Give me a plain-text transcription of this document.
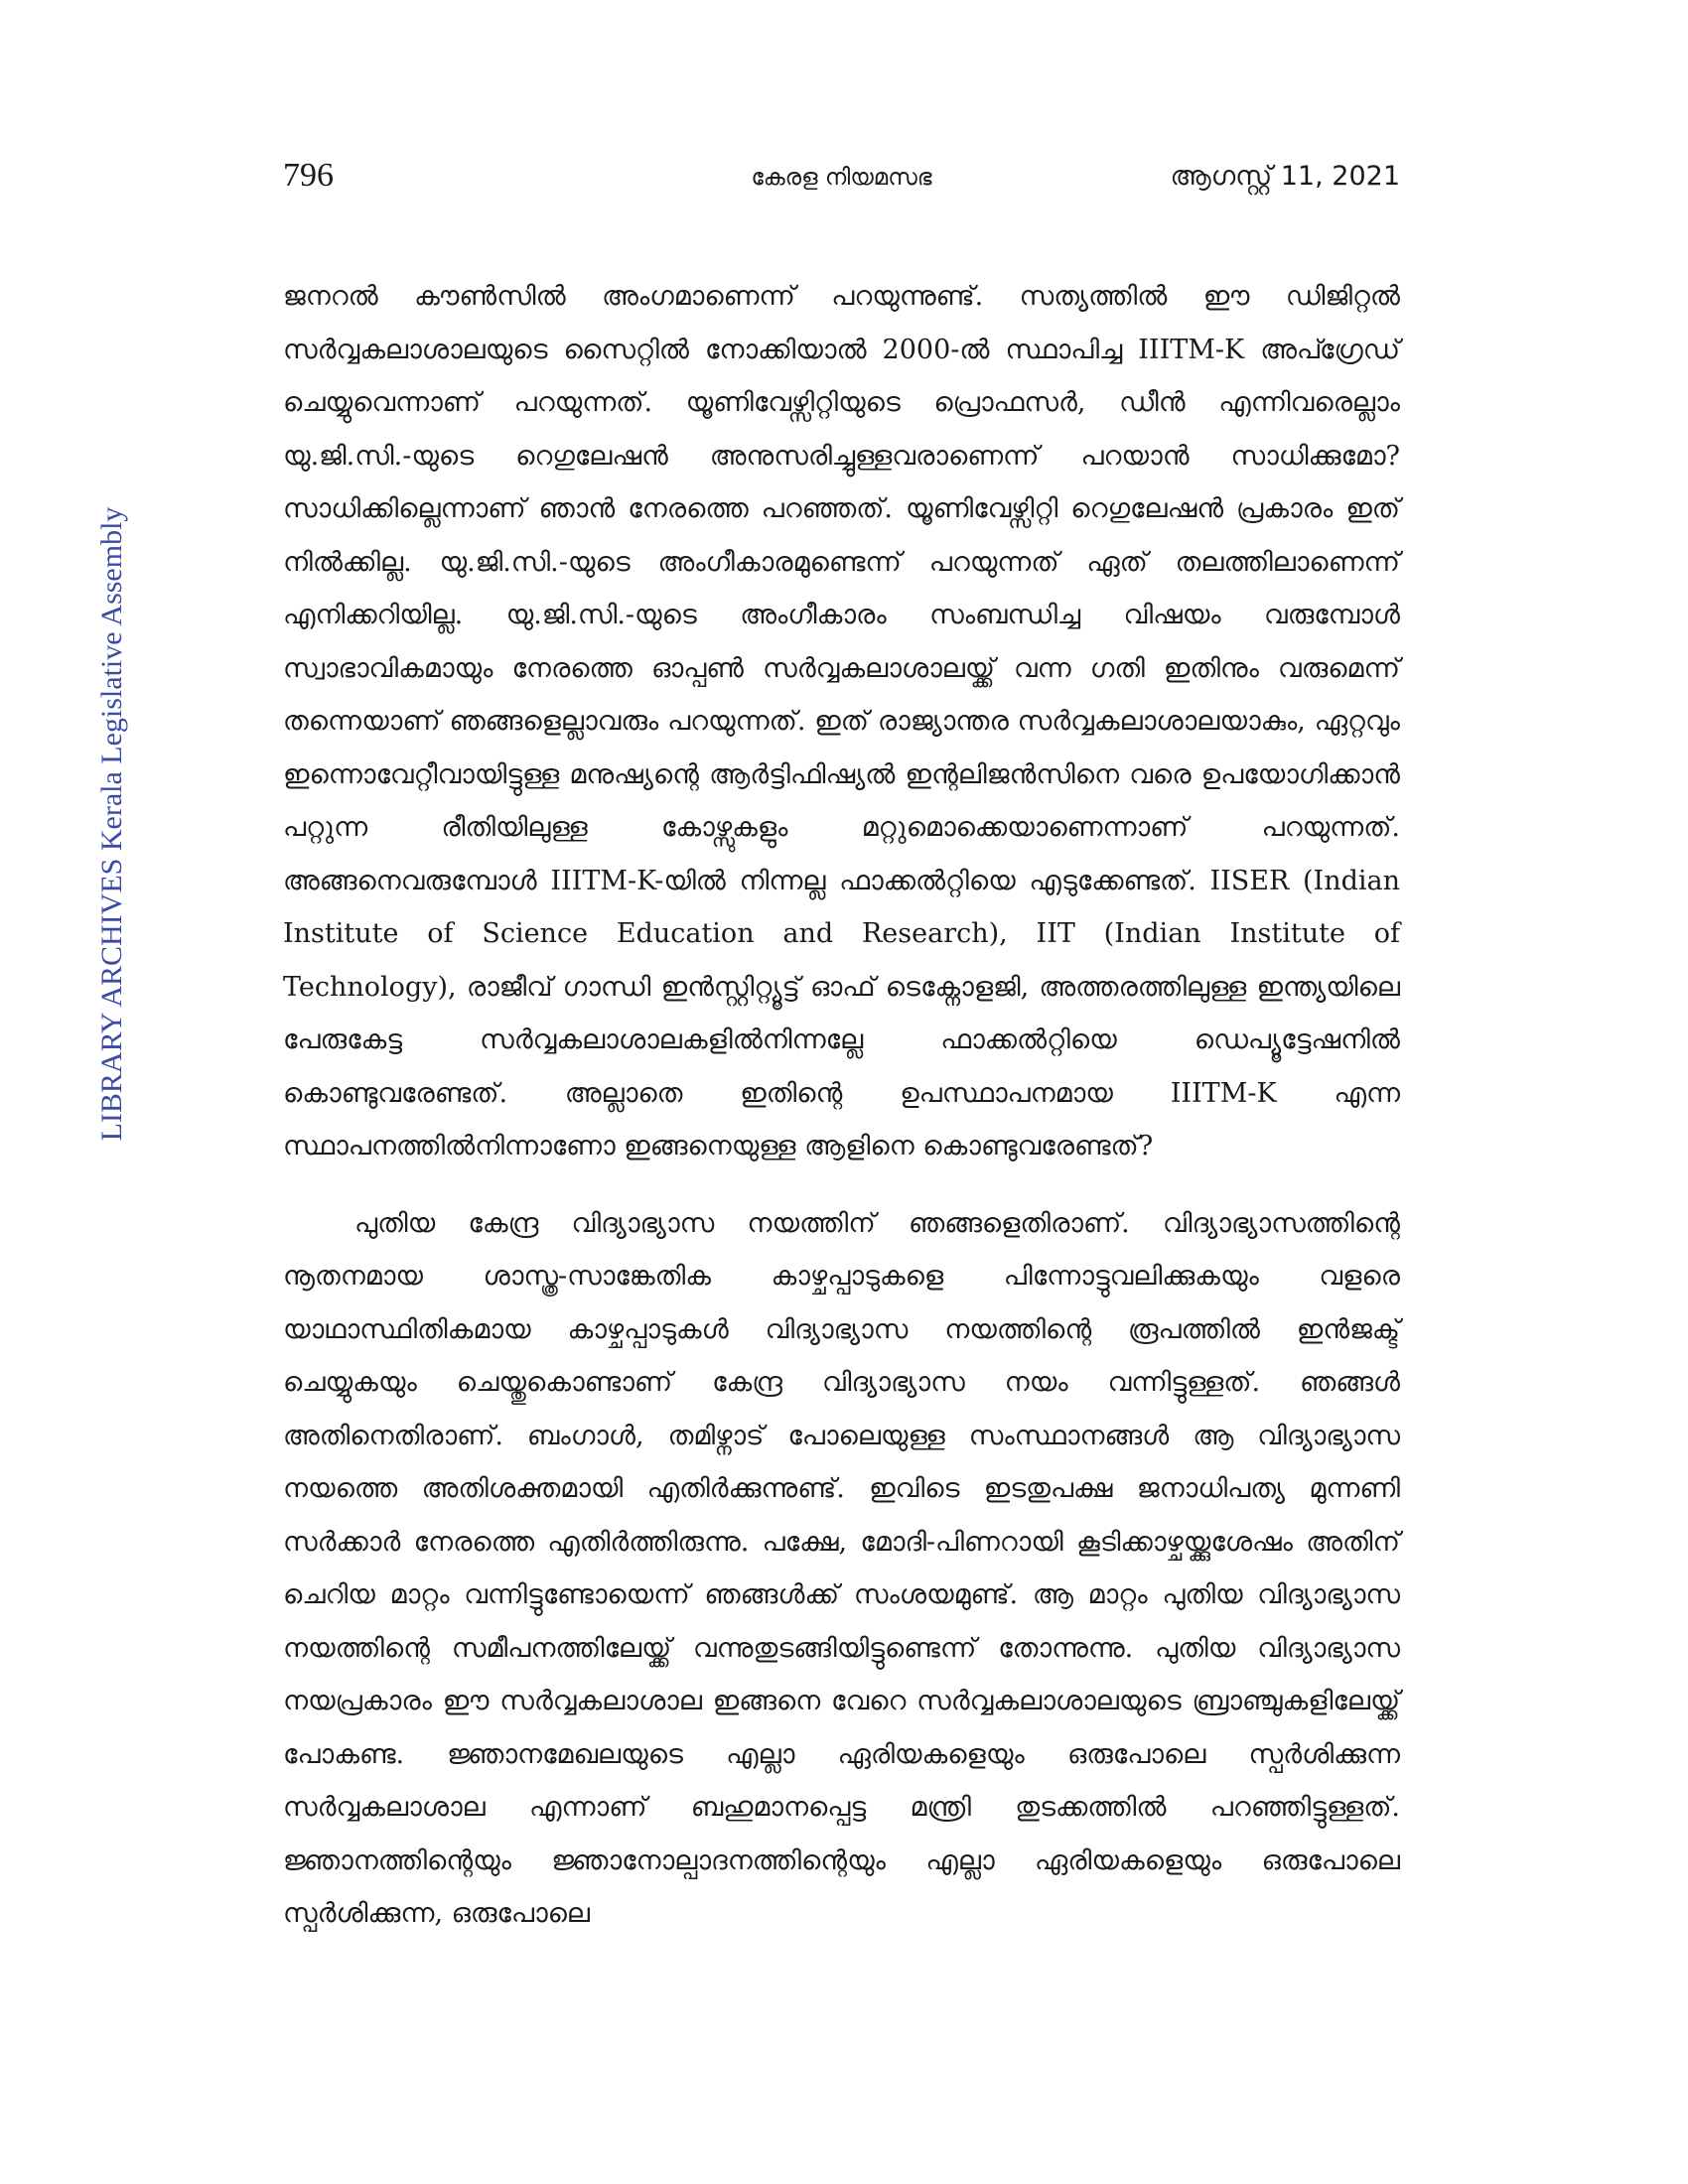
796	കേരള നിയമസഭ	ആഗസ്റ്റ് 11, 2021
LIBRARY ARCHIVES Kerala Legislative Assembly

ജനറൽ കൗൺസിൽ അംഗമാണെന്ന് പറയുന്നുണ്ട്. സത്യത്തിൽ ഈ ഡിജിറ്റൽ സർവ്വകലാശാലയുടെ സൈറ്റിൽ നോക്കിയാൽ 2000-ൽ സ്ഥാപിച്ച IIITM-K അപ്ഗ്രേഡ് ചെയ്യുവെന്നാണ് പറയുന്നത്. യൂണിവേഴ്സിറ്റിയുടെ പ്രൊഫസർ, ഡീൻ എന്നിവരെല്ലാം യു.ജി.സി.-യുടെ റെഗുലേഷൻ അനുസരിച്ചുള്ളവരാണെന്ന് പറയാൻ സാധിക്കുമോ? സാധിക്കില്ലെന്നാണ് ഞാൻ നേരത്തെ പറഞ്ഞത്. യൂണിവേഴ്സിറ്റി റെഗുലേഷൻ പ്രകാരം ഇത് നിൽക്കില്ല. യു.ജി.സി.-യുടെ അംഗീകാരമുണ്ടെന്ന് പറയുന്നത് ഏത് തലത്തിലാണെന്ന് എനിക്കറിയില്ല. യു.ജി.സി.-യുടെ അംഗീകാരം സംബന്ധിച്ച വിഷയം വരുമ്പോൾ സ്വാഭാവികമായും നേരത്തെ ഓപ്പൺ സർവ്വകലാശാലയ്ക്ക് വന്ന ഗതി ഇതിനും വരുമെന്ന് തന്നെയാണ് ഞങ്ങളെല്ലാവരും പറയുന്നത്. ഇത് രാജ്യാന്തര സർവ്വകലാശാലയാകും, ഏറ്റവും ഇന്നൊവേറ്റീവായിട്ടുള്ള മനുഷ്യന്റെ ആർട്ടിഫിഷ്യൽ ഇന്റലിജൻസിനെ വരെ ഉപയോഗിക്കാൻ പറ്റുന്ന രീതിയിലുള്ള കോഴ്സുകളും മറ്റുമൊക്കെയാണെന്നാണ് പറയുന്നത്. അങ്ങനെവരുമ്പോൾ IIITM-K-യിൽ നിന്നല്ല ഫാക്കൽറ്റിയെ എടുക്കേണ്ടത്. IISER (Indian Institute of Science Education and Research), IIT (Indian Institute of Technology), രാജീവ് ഗാന്ധി ഇൻസ്റ്റിറ്റ്യൂട്ട് ഓഫ് ടെക്നോളജി, അത്തരത്തിലുള്ള ഇന്ത്യയിലെ പേരുകേട്ട സർവ്വകലാശാലകളിൽനിന്നല്ലേ ഫാക്കൽറ്റിയെ ഡെപ്യൂട്ടേഷനിൽ കൊണ്ടുവരേണ്ടത്. അല്ലാതെ ഇതിന്റെ ഉപസ്ഥാപനമായ IIITM-K എന്ന സ്ഥാപനത്തിൽനിന്നാണോ ഇങ്ങനെയുള്ള ആളിനെ കൊണ്ടുവരേണ്ടത്?

പുതിയ കേന്ദ്ര വിദ്യാഭ്യാസ നയത്തിന് ഞങ്ങളെതിരാണ്. വിദ്യാഭ്യാസത്തിന്റെ നൂതനമായ ശാസ്ത്ര-സാങ്കേതിക കാഴ്ചപ്പാടുകളെ പിന്നോട്ടുവലിക്കുകയും വളരെ യാഥാസ്ഥിതികമായ കാഴ്ചപ്പാടുകൾ വിദ്യാഭ്യാസ നയത്തിന്റെ രൂപത്തിൽ ഇൻജക്ട് ചെയ്യുകയും ചെയ്തുകൊണ്ടാണ് കേന്ദ്ര വിദ്യാഭ്യാസ നയം വന്നിട്ടുള്ളത്. ഞങ്ങൾ അതിനെതിരാണ്. ബംഗാൾ, തമിഴ്നാട് പോലെയുള്ള സംസ്ഥാനങ്ങൾ ആ വിദ്യാഭ്യാസ നയത്തെ അതിശക്തമായി എതിർക്കുന്നുണ്ട്. ഇവിടെ ഇടതുപക്ഷ ജനാധിപത്യ മുന്നണി സർക്കാർ നേരത്തെ എതിർത്തിരുന്നു. പക്ഷേ, മോദി-പിണറായി കൂടിക്കാഴ്ചയ്ക്കുശേഷം അതിന് ചെറിയ മാറ്റം വന്നിട്ടുണ്ടോയെന്ന് ഞങ്ങൾക്ക് സംശയമുണ്ട്. ആ മാറ്റം പുതിയ വിദ്യാഭ്യാസ നയത്തിന്റെ സമീപനത്തിലേയ്ക്ക് വന്നുതുടങ്ങിയിട്ടുണ്ടെന്ന് തോന്നുന്നു. പുതിയ വിദ്യാഭ്യാസ നയപ്രകാരം ഈ സർവ്വകലാശാല ഇങ്ങനെ വേറെ സർവ്വകലാശാലയുടെ ബ്രാഞ്ചുകളിലേയ്ക്ക് പോകണ്ട. ജ്ഞാനമേഖലയുടെ എല്ലാ ഏരിയകളെയും ഒരുപോലെ സ്പർശിക്കുന്ന സർവ്വകലാശാല എന്നാണ് ബഹുമാനപ്പെട്ട മന്ത്രി തുടക്കത്തിൽ പറഞ്ഞിട്ടുള്ളത്. ജ്ഞാനത്തിന്റെയും ജ്ഞാനോല്പാദനത്തിന്റെയും എല്ലാ ഏരിയകളെയും ഒരുപോലെ സ്പർശിക്കുന്ന, ഒരുപോലെ
